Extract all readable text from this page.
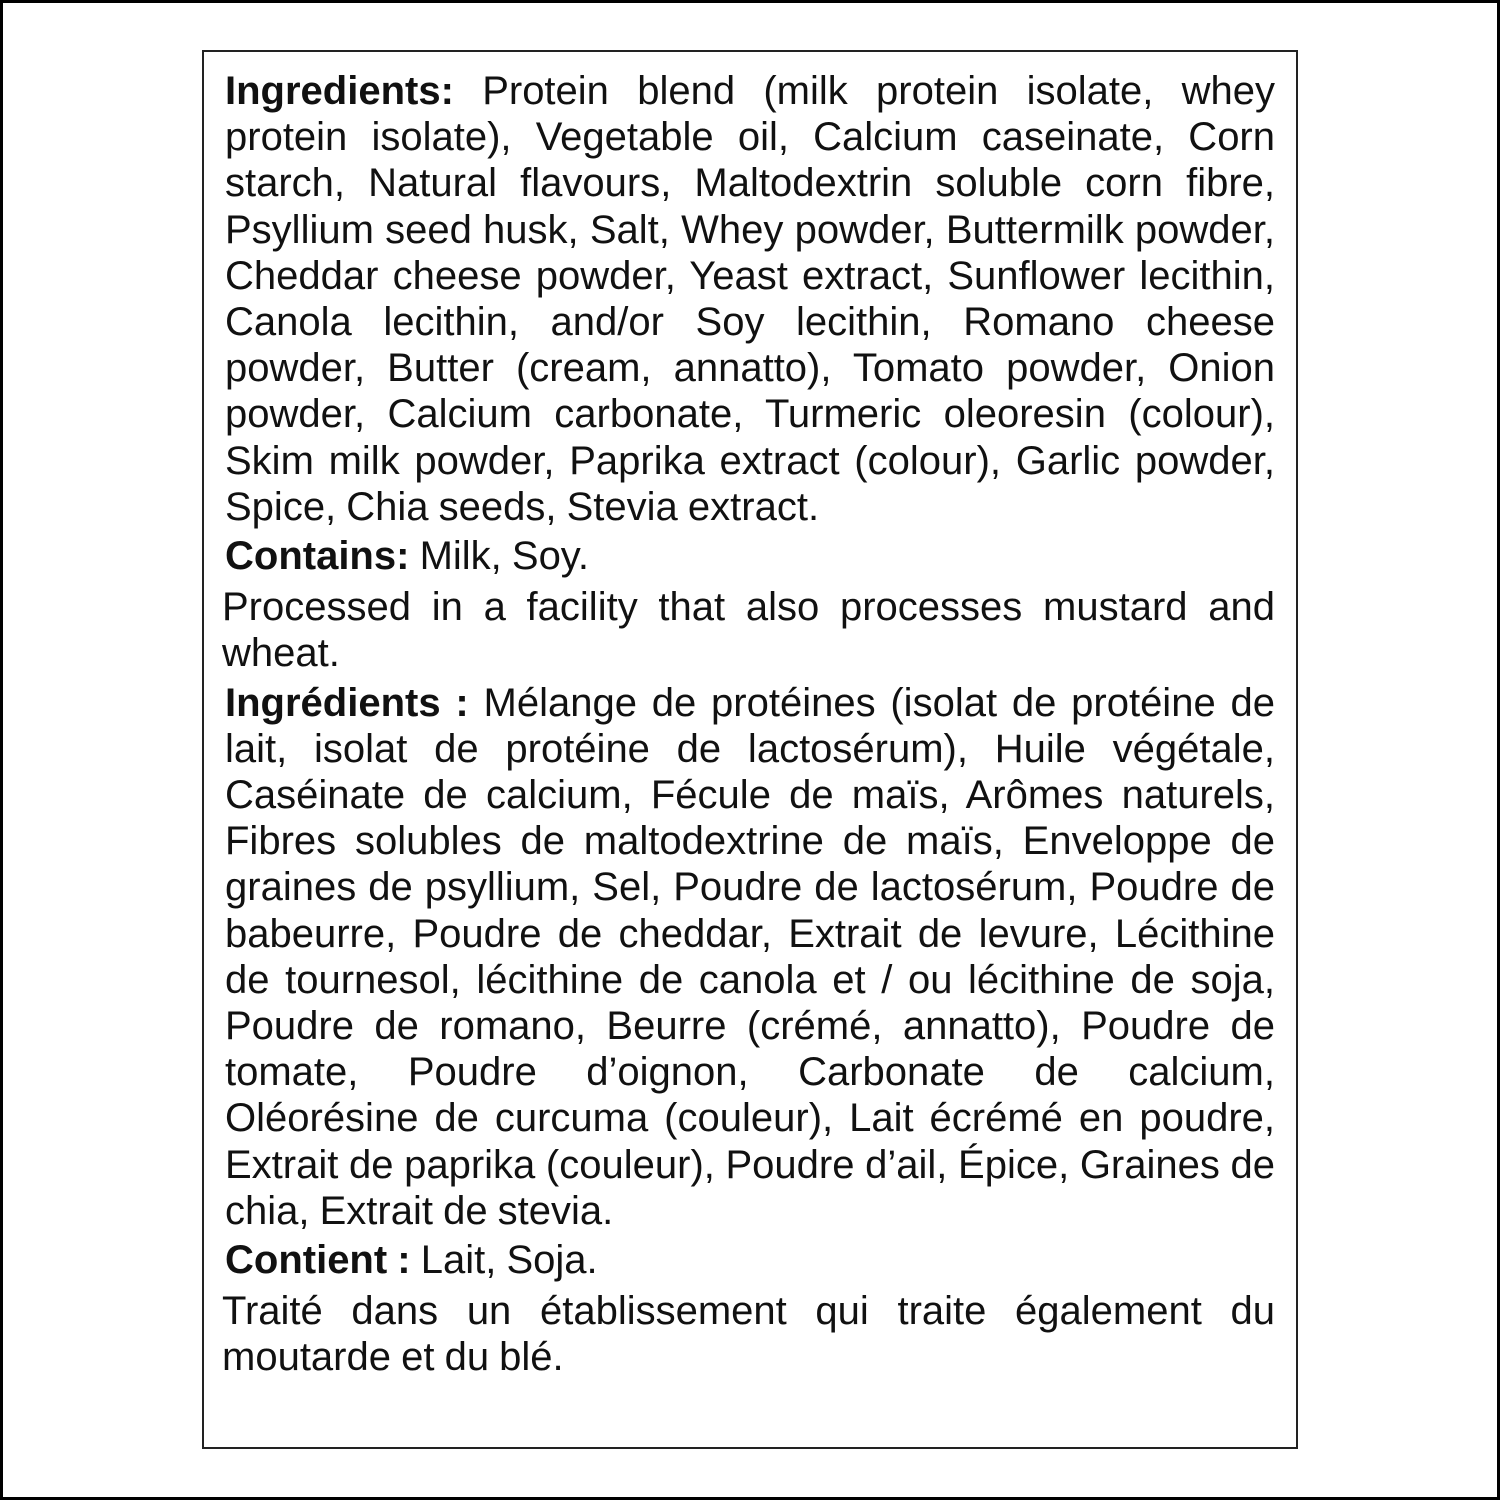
Ingredients: Protein blend (milk protein isolate, whey protein isolate), Vegetable oil, Calcium caseinate, Corn starch, Natural flavours, Maltodextrin soluble corn fibre, Psyllium seed husk, Salt, Whey powder, Buttermilk powder, Cheddar cheese powder, Yeast extract, Sunflower lecithin, Canola lecithin, and/or Soy lecithin, Romano cheese powder, Butter (cream, annatto), Tomato powder, Onion powder, Calcium carbonate, Turmeric oleoresin (colour), Skim milk powder, Paprika extract (colour), Garlic powder, Spice, Chia seeds, Stevia extract.

Contains: Milk, Soy.

Processed in a facility that also processes mustard and wheat.

Ingrédients : Mélange de protéines (isolat de protéine de lait, isolat de protéine de lactosérum), Huile végétale, Caséinate de calcium, Fécule de maïs, Arômes naturels, Fibres solubles de maltodextrine de maïs, Enveloppe de graines de psyllium, Sel, Poudre de lactosérum, Poudre de babeurre, Poudre de cheddar, Extrait de levure, Lécithine de tournesol, lécithine de canola et / ou lécithine de soja, Poudre de romano, Beurre (crémé, annatto), Poudre de tomate, Poudre d’oignon, Carbonate de calcium, Oléorésine de curcuma (couleur), Lait écrémé en poudre, Extrait de paprika (couleur), Poudre d’ail, Épice, Graines de chia, Extrait de stevia.

Contient : Lait, Soja.

Traité dans un établissement qui traite également du moutarde et du blé.
